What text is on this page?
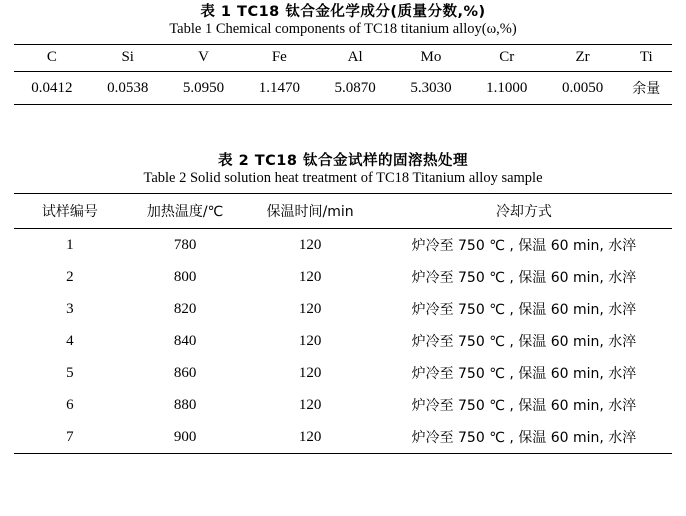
表 1 TC18 钛合金化学成分(质量分数,%)
Table 1 Chemical components of TC18 titanium alloy(ω,%)
C	Si	V	Fe	Al	Mo	Cr	Zr	Ti
0.0412	0.0538	5.0950	1.1470	5.0870	5.3030	1.1000	0.0050	余量
表 2 TC18 钛合金试样的固溶热处理
Table 2 Solid solution heat treatment of TC18 Titanium alloy sample
试样编号	加热温度/℃	保温时间/min	冷却方式
1	780	120	炉冷至 750 ℃ , 保温 60 min, 水淬
2	800	120	炉冷至 750 ℃ , 保温 60 min, 水淬
3	820	120	炉冷至 750 ℃ , 保温 60 min, 水淬
4	840	120	炉冷至 750 ℃ , 保温 60 min, 水淬
5	860	120	炉冷至 750 ℃ , 保温 60 min, 水淬
6	880	120	炉冷至 750 ℃ , 保温 60 min, 水淬
7	900	120	炉冷至 750 ℃ , 保温 60 min, 水淬
